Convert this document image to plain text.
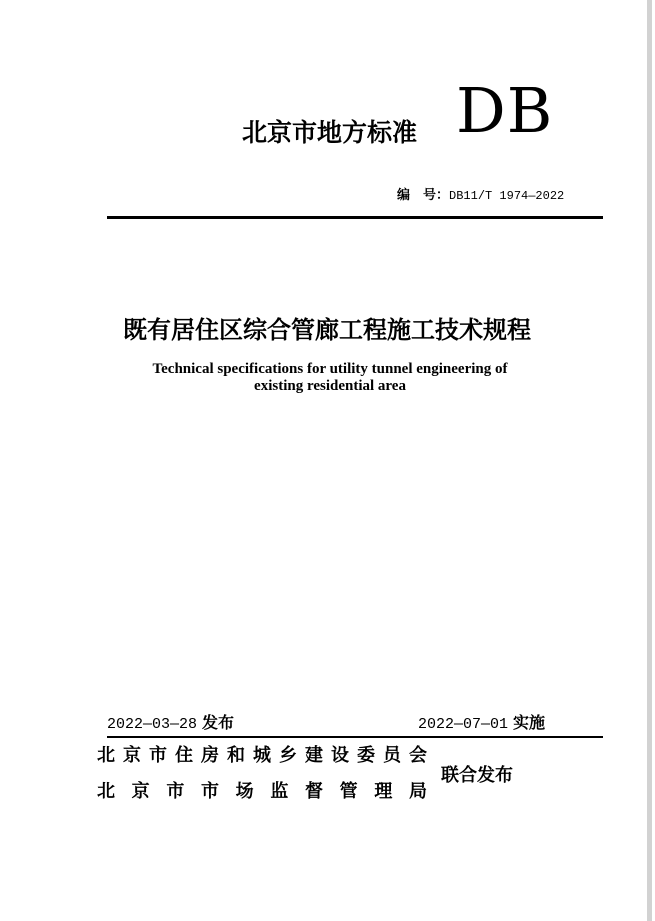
北京市地方标准 DB
编　号： DB11/T 1974—2022
既有居住区综合管廊工程施工技术规程
Technical specifications for utility tunnel engineering of
existing residential area
2022—03—28 发布	2022—07—01 实施
北 京 市 住 房 和 城 乡 建 设 委 员 会
北 京 市 市 场 监 督 管 理 局
联合发布
